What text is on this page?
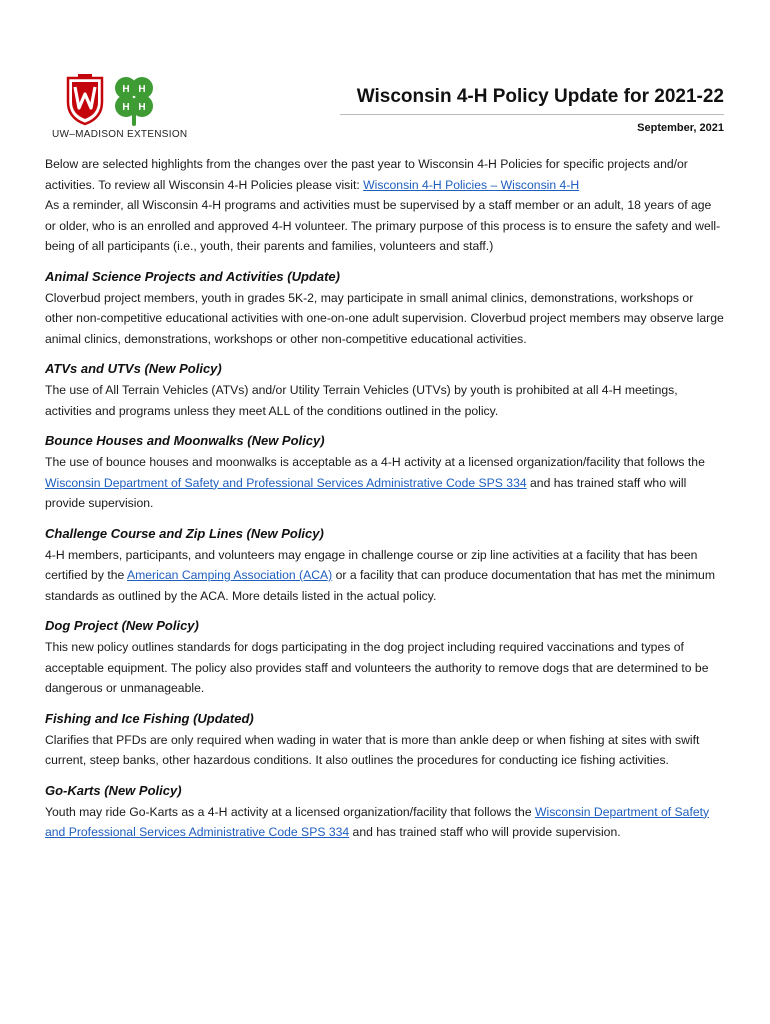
H H
H H
UW–MADISON EXTENSION
Wisconsin 4-H Policy Update for 2021-22
September, 2021

Below are selected highlights from the changes over the past year to Wisconsin 4-H Policies for specific projects and/or activities. To review all Wisconsin 4-H Policies please visit: Wisconsin 4-H Policies – Wisconsin 4-H

As a reminder, all Wisconsin 4-H programs and activities must be supervised by a staff member or an adult, 18 years of age or older, who is an enrolled and approved 4-H volunteer. The primary purpose of this process is to ensure the safety and well-being of all participants (i.e., youth, their parents and families, volunteers and staff.)

Animal Science Projects and Activities (Update)

Cloverbud project members, youth in grades 5K-2, may participate in small animal clinics, demonstrations, workshops or other non-competitive educational activities with one-on-one adult supervision. Cloverbud project members may observe large animal clinics, demonstrations, workshops or other non-competitive educational activities.

ATVs and UTVs (New Policy)

The use of All Terrain Vehicles (ATVs) and/or Utility Terrain Vehicles (UTVs) by youth is prohibited at all 4-H meetings, activities and programs unless they meet ALL of the conditions outlined in the policy.

Bounce Houses and Moonwalks (New Policy)

The use of bounce houses and moonwalks is acceptable as a 4-H activity at a licensed organization/facility that follows the Wisconsin Department of Safety and Professional Services Administrative Code SPS 334 and has trained staff who will provide supervision.

Challenge Course and Zip Lines (New Policy)

4-H members, participants, and volunteers may engage in challenge course or zip line activities at a facility that has been certified by the American Camping Association (ACA) or a facility that can produce documentation that has met the minimum standards as outlined by the ACA. More details listed in the actual policy.

Dog Project (New Policy)

This new policy outlines standards for dogs participating in the dog project including required vaccinations and types of acceptable equipment. The policy also provides staff and volunteers the authority to remove dogs that are determined to be dangerous or unmanageable.

Fishing and Ice Fishing (Updated)

Clarifies that PFDs are only required when wading in water that is more than ankle deep or when fishing at sites with swift current, steep banks, other hazardous conditions. It also outlines the procedures for conducting ice fishing activities.

Go-Karts (New Policy)

Youth may ride Go-Karts as a 4-H activity at a licensed organization/facility that follows the Wisconsin Department of Safety and Professional Services Administrative Code SPS 334 and has trained staff who will provide supervision.
